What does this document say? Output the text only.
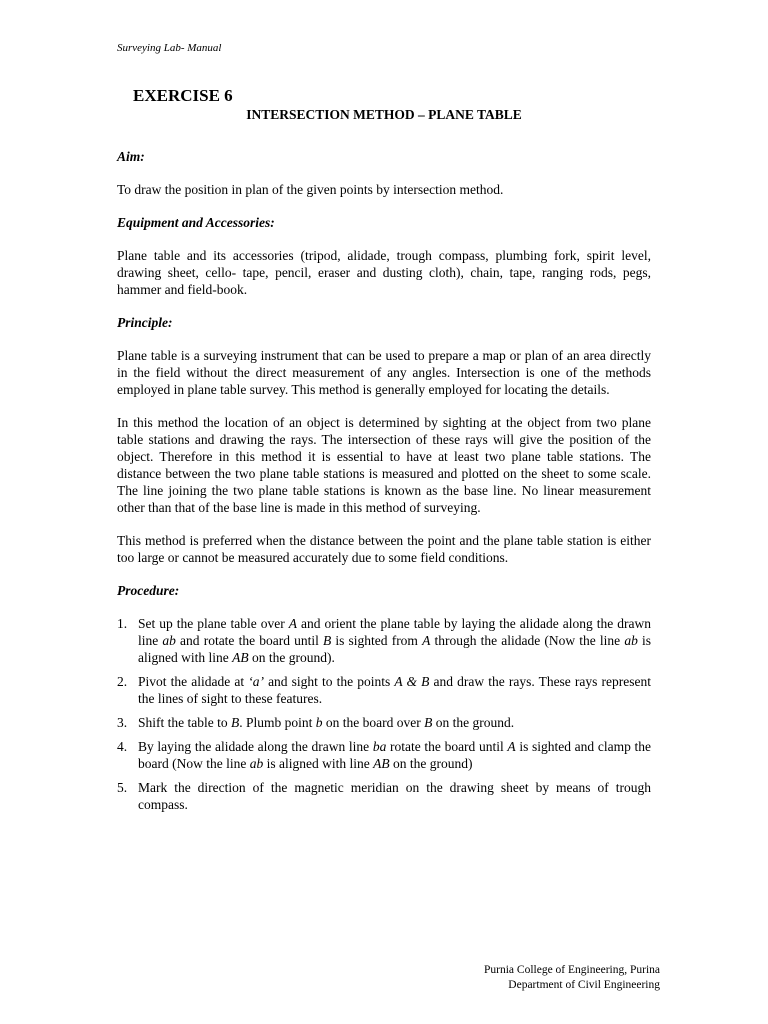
Surveying Lab- Manual
EXERCISE 6
INTERSECTION METHOD – PLANE TABLE
Aim:

To draw the position in plan of the given points by intersection method.

Equipment and Accessories:

Plane table and its accessories (tripod, alidade, trough compass, plumbing fork, spirit level, drawing sheet, cello- tape, pencil, eraser and dusting cloth), chain, tape, ranging rods, pegs, hammer and field-book.

Principle:

Plane table is a surveying instrument that can be used to prepare a map or plan of an area directly in the field without the direct measurement of any angles. Intersection is one of the methods employed in plane table survey. This method is generally employed for locating the details.

In this method the location of an object is determined by sighting at the object from two plane table stations and drawing the rays. The intersection of these rays will give the position of the object. Therefore in this method it is essential to have at least two plane table stations. The distance between the two plane table stations is measured and plotted on the sheet to some scale. The line joining the two plane table stations is known as the base line. No linear measurement other than that of the base line is made in this method of surveying.

This method is preferred when the distance between the point and the plane table station is either too large or cannot be measured accurately due to some field conditions.

Procedure:
1. Set up the plane table over A and orient the plane table by laying the alidade along the drawn line ab and rotate the board until B is sighted from A through the alidade (Now the line ab is aligned with line AB on the ground).
2. Pivot the alidade at ‘a’ and sight to the points A & B and draw the rays. These rays represent the lines of sight to these features.
3. Shift the table to B. Plumb point b on the board over B on the ground.
4. By laying the alidade along the drawn line ba rotate the board until A is sighted and clamp the board (Now the line ab is aligned with line AB on the ground)
5. Mark the direction of the magnetic meridian on the drawing sheet by means of trough compass.
Purnia College of Engineering, Purina
Department of Civil Engineering
